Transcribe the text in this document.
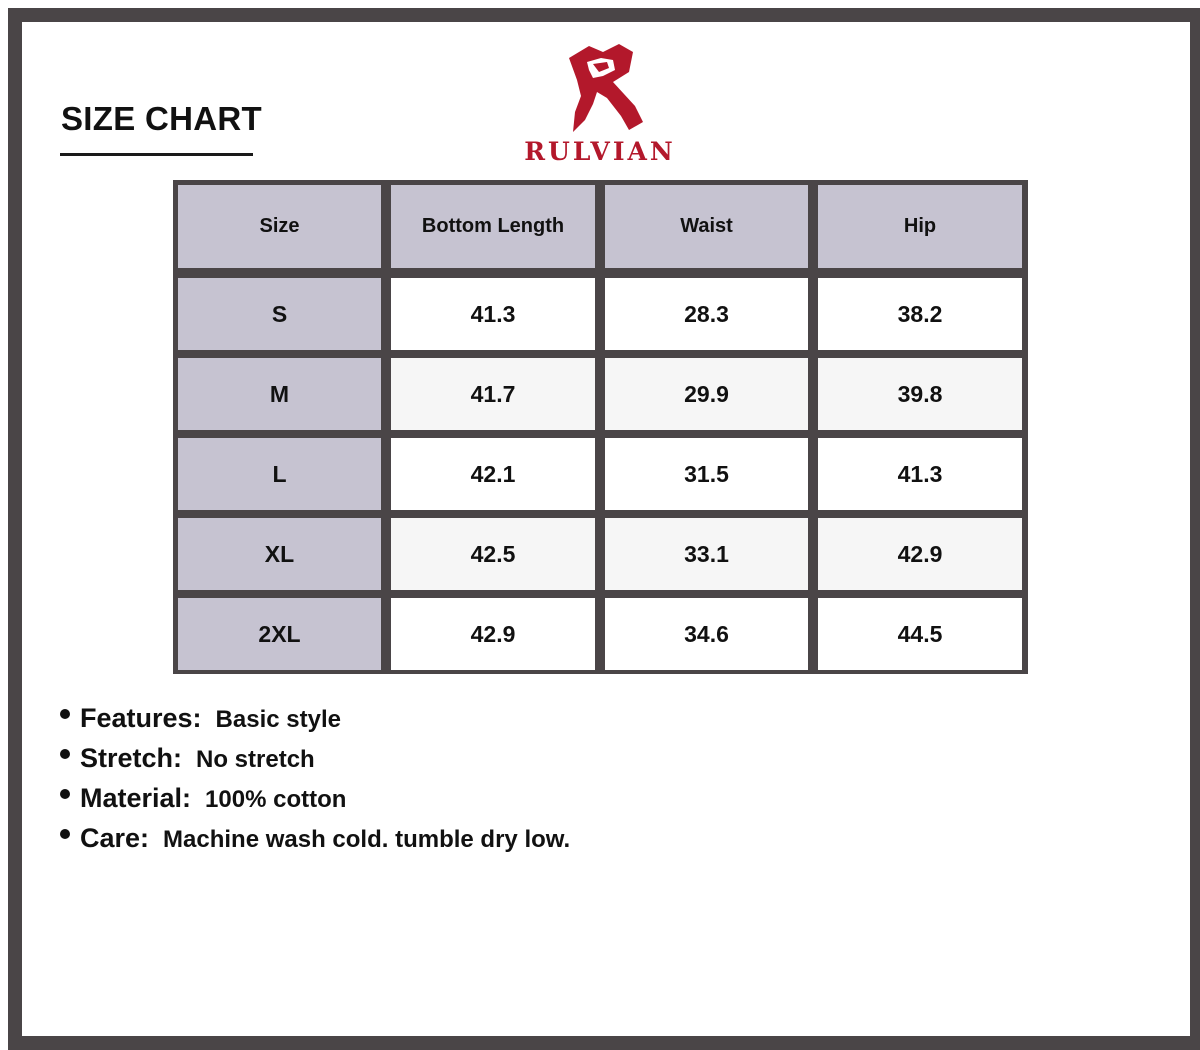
SIZE CHART
RULVIAN
Size	Bottom Length	Waist	Hip
S	41.3	28.3	38.2
M	41.7	29.9	39.8
L	42.1	31.5	41.3
XL	42.5	33.1	42.9
2XL	42.9	34.6	44.5
Features: Basic style
Stretch: No stretch
Material: 100% cotton
Care: Machine wash cold. tumble dry low.
